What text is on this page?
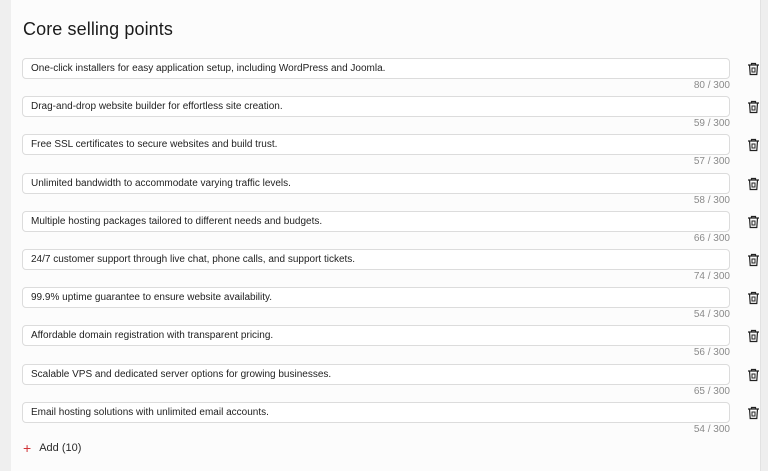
Core selling points
One-click installers for easy application setup, including WordPress and Joomla.
80 / 300
Drag-and-drop website builder for effortless site creation.
59 / 300
Free SSL certificates to secure websites and build trust.
57 / 300
Unlimited bandwidth to accommodate varying traffic levels.
58 / 300
Multiple hosting packages tailored to different needs and budgets.
66 / 300
24/7 customer support through live chat, phone calls, and support tickets.
74 / 300
99.9% uptime guarantee to ensure website availability.
54 / 300
Affordable domain registration with transparent pricing.
56 / 300
Scalable VPS and dedicated server options for growing businesses.
65 / 300
Email hosting solutions with unlimited email accounts.
54 / 300
+ Add (10)
